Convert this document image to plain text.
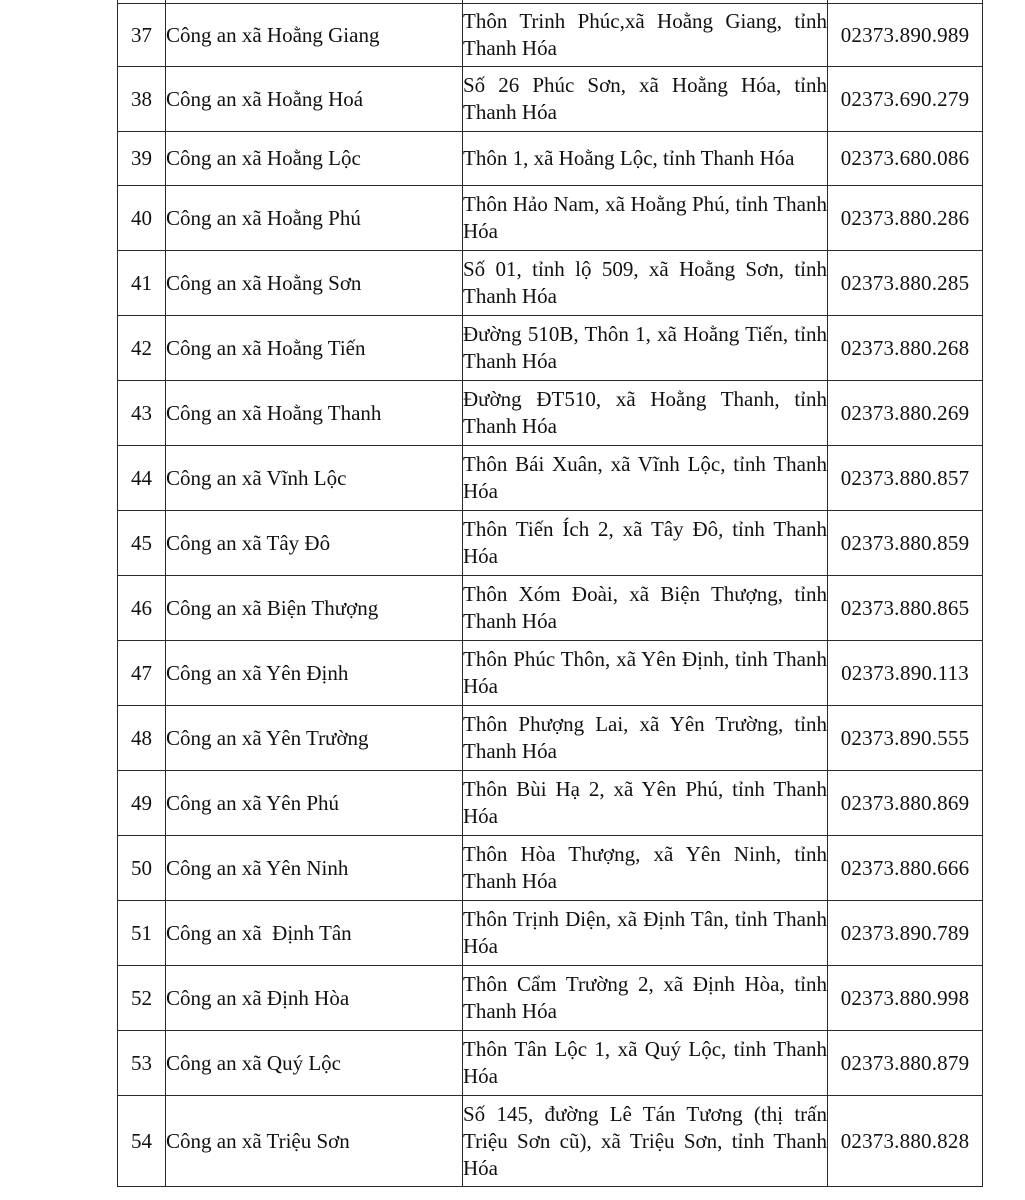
37	Công an xã Hoằng Giang	Thôn Trinh Phúc,xã Hoằng Giang, tỉnh Thanh Hóa	02373.890.989
38	Công an xã Hoằng Hoá	Số 26 Phúc Sơn, xã Hoằng Hóa, tỉnh Thanh Hóa	02373.690.279
39	Công an xã Hoằng Lộc	Thôn 1, xã Hoằng Lộc, tỉnh Thanh Hóa	02373.680.086
40	Công an xã Hoằng Phú	Thôn Hảo Nam, xã Hoằng Phú, tỉnh Thanh Hóa	02373.880.286
41	Công an xã Hoằng Sơn	Số 01, tỉnh lộ 509, xã Hoằng Sơn, tỉnh Thanh Hóa	02373.880.285
42	Công an xã Hoằng Tiến	Đường 510B, Thôn 1, xã Hoằng Tiến, tỉnh Thanh Hóa	02373.880.268
43	Công an xã Hoằng Thanh	Đường ĐT510, xã Hoằng Thanh, tỉnh Thanh Hóa	02373.880.269
44	Công an xã Vĩnh Lộc	Thôn Bái Xuân, xã Vĩnh Lộc, tỉnh Thanh Hóa	02373.880.857
45	Công an xã Tây Đô	Thôn Tiến Ích 2, xã Tây Đô, tỉnh Thanh Hóa	02373.880.859
46	Công an xã Biện Thượng	Thôn Xóm Đoài, xã Biện Thượng, tỉnh Thanh Hóa	02373.880.865
47	Công an xã Yên Định	Thôn Phúc Thôn, xã Yên Định, tỉnh Thanh Hóa	02373.890.113
48	Công an xã Yên Trường	Thôn Phượng Lai, xã Yên Trường, tỉnh Thanh Hóa	02373.890.555
49	Công an xã Yên Phú	Thôn Bùi Hạ 2, xã Yên Phú, tỉnh Thanh Hóa	02373.880.869
50	Công an xã Yên Ninh	Thôn Hòa Thượng, xã Yên Ninh, tỉnh Thanh Hóa	02373.880.666
51	Công an xã  Định Tân	Thôn Trịnh Diện, xã Định Tân, tỉnh Thanh Hóa	02373.890.789
52	Công an xã Định Hòa	Thôn Cẩm Trường 2, xã Định Hòa, tỉnh Thanh Hóa	02373.880.998
53	Công an xã Quý Lộc	Thôn Tân Lộc 1, xã Quý Lộc, tỉnh Thanh Hóa	02373.880.879
54	Công an xã Triệu Sơn	Số 145, đường Lê Tán Tương (thị trấn Triệu Sơn cũ), xã Triệu Sơn, tỉnh Thanh Hóa	02373.880.828
